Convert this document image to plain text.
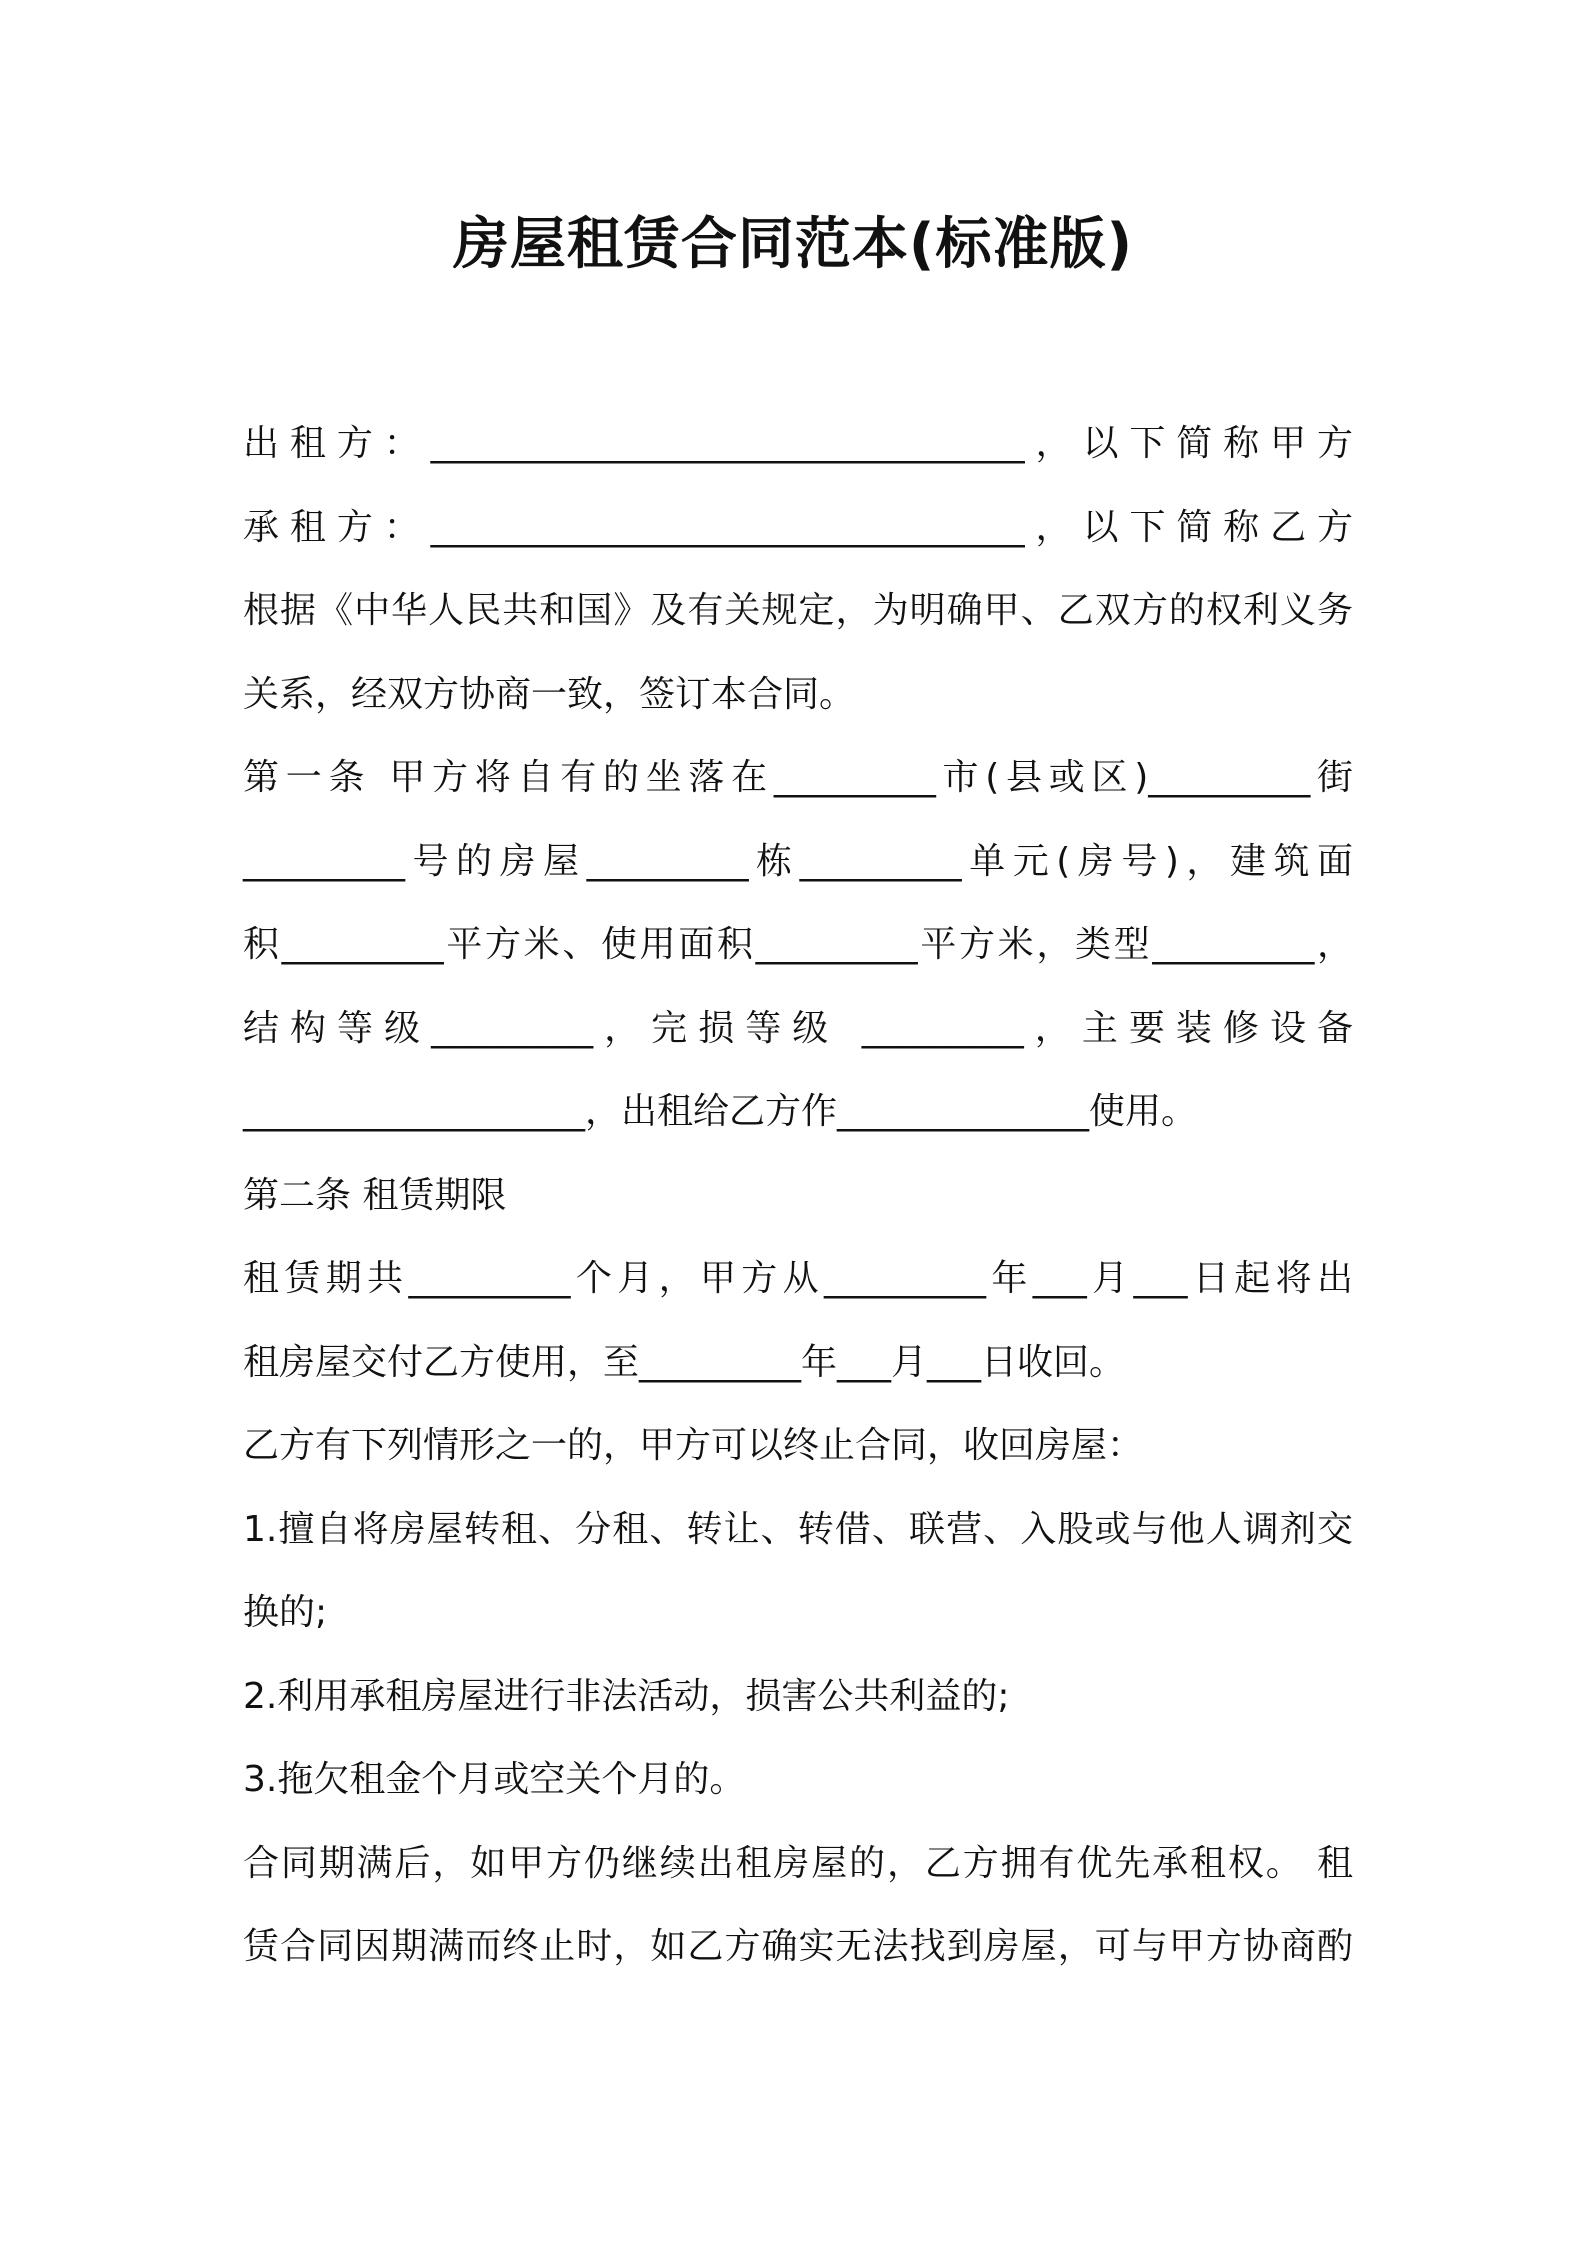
房屋租赁合同范本(标准版)
出租方：_________________________________，以下简称甲方
承租方：_________________________________，以下简称乙方
根据《中华人民共和国》及有关规定，为明确甲、乙双方的权利义务
关系，经双方协商一致，签订本合同。
第一条 甲方将自有的坐落在_________市(县或区)_________街
_________号的房屋_________栋_________单元(房号)，建筑面
积_________平方米、使用面积_________平方米，类型_________，
结构等级_________，完损等级 _________，主要装修设备
___________________，出租给乙方作______________使用。
第二条 租赁期限
租赁期共_________个月，甲方从_________年___月___日起将出
租房屋交付乙方使用，至_________年___月___日收回。
乙方有下列情形之一的，甲方可以终止合同，收回房屋：
1.擅自将房屋转租、分租、转让、转借、联营、入股或与他人调剂交
换的;
2.利用承租房屋进行非法活动，损害公共利益的;
3.拖欠租金个月或空关个月的。
合同期满后，如甲方仍继续出租房屋的，乙方拥有优先承租权。 租
赁合同因期满而终止时，如乙方确实无法找到房屋，可与甲方协商酌
